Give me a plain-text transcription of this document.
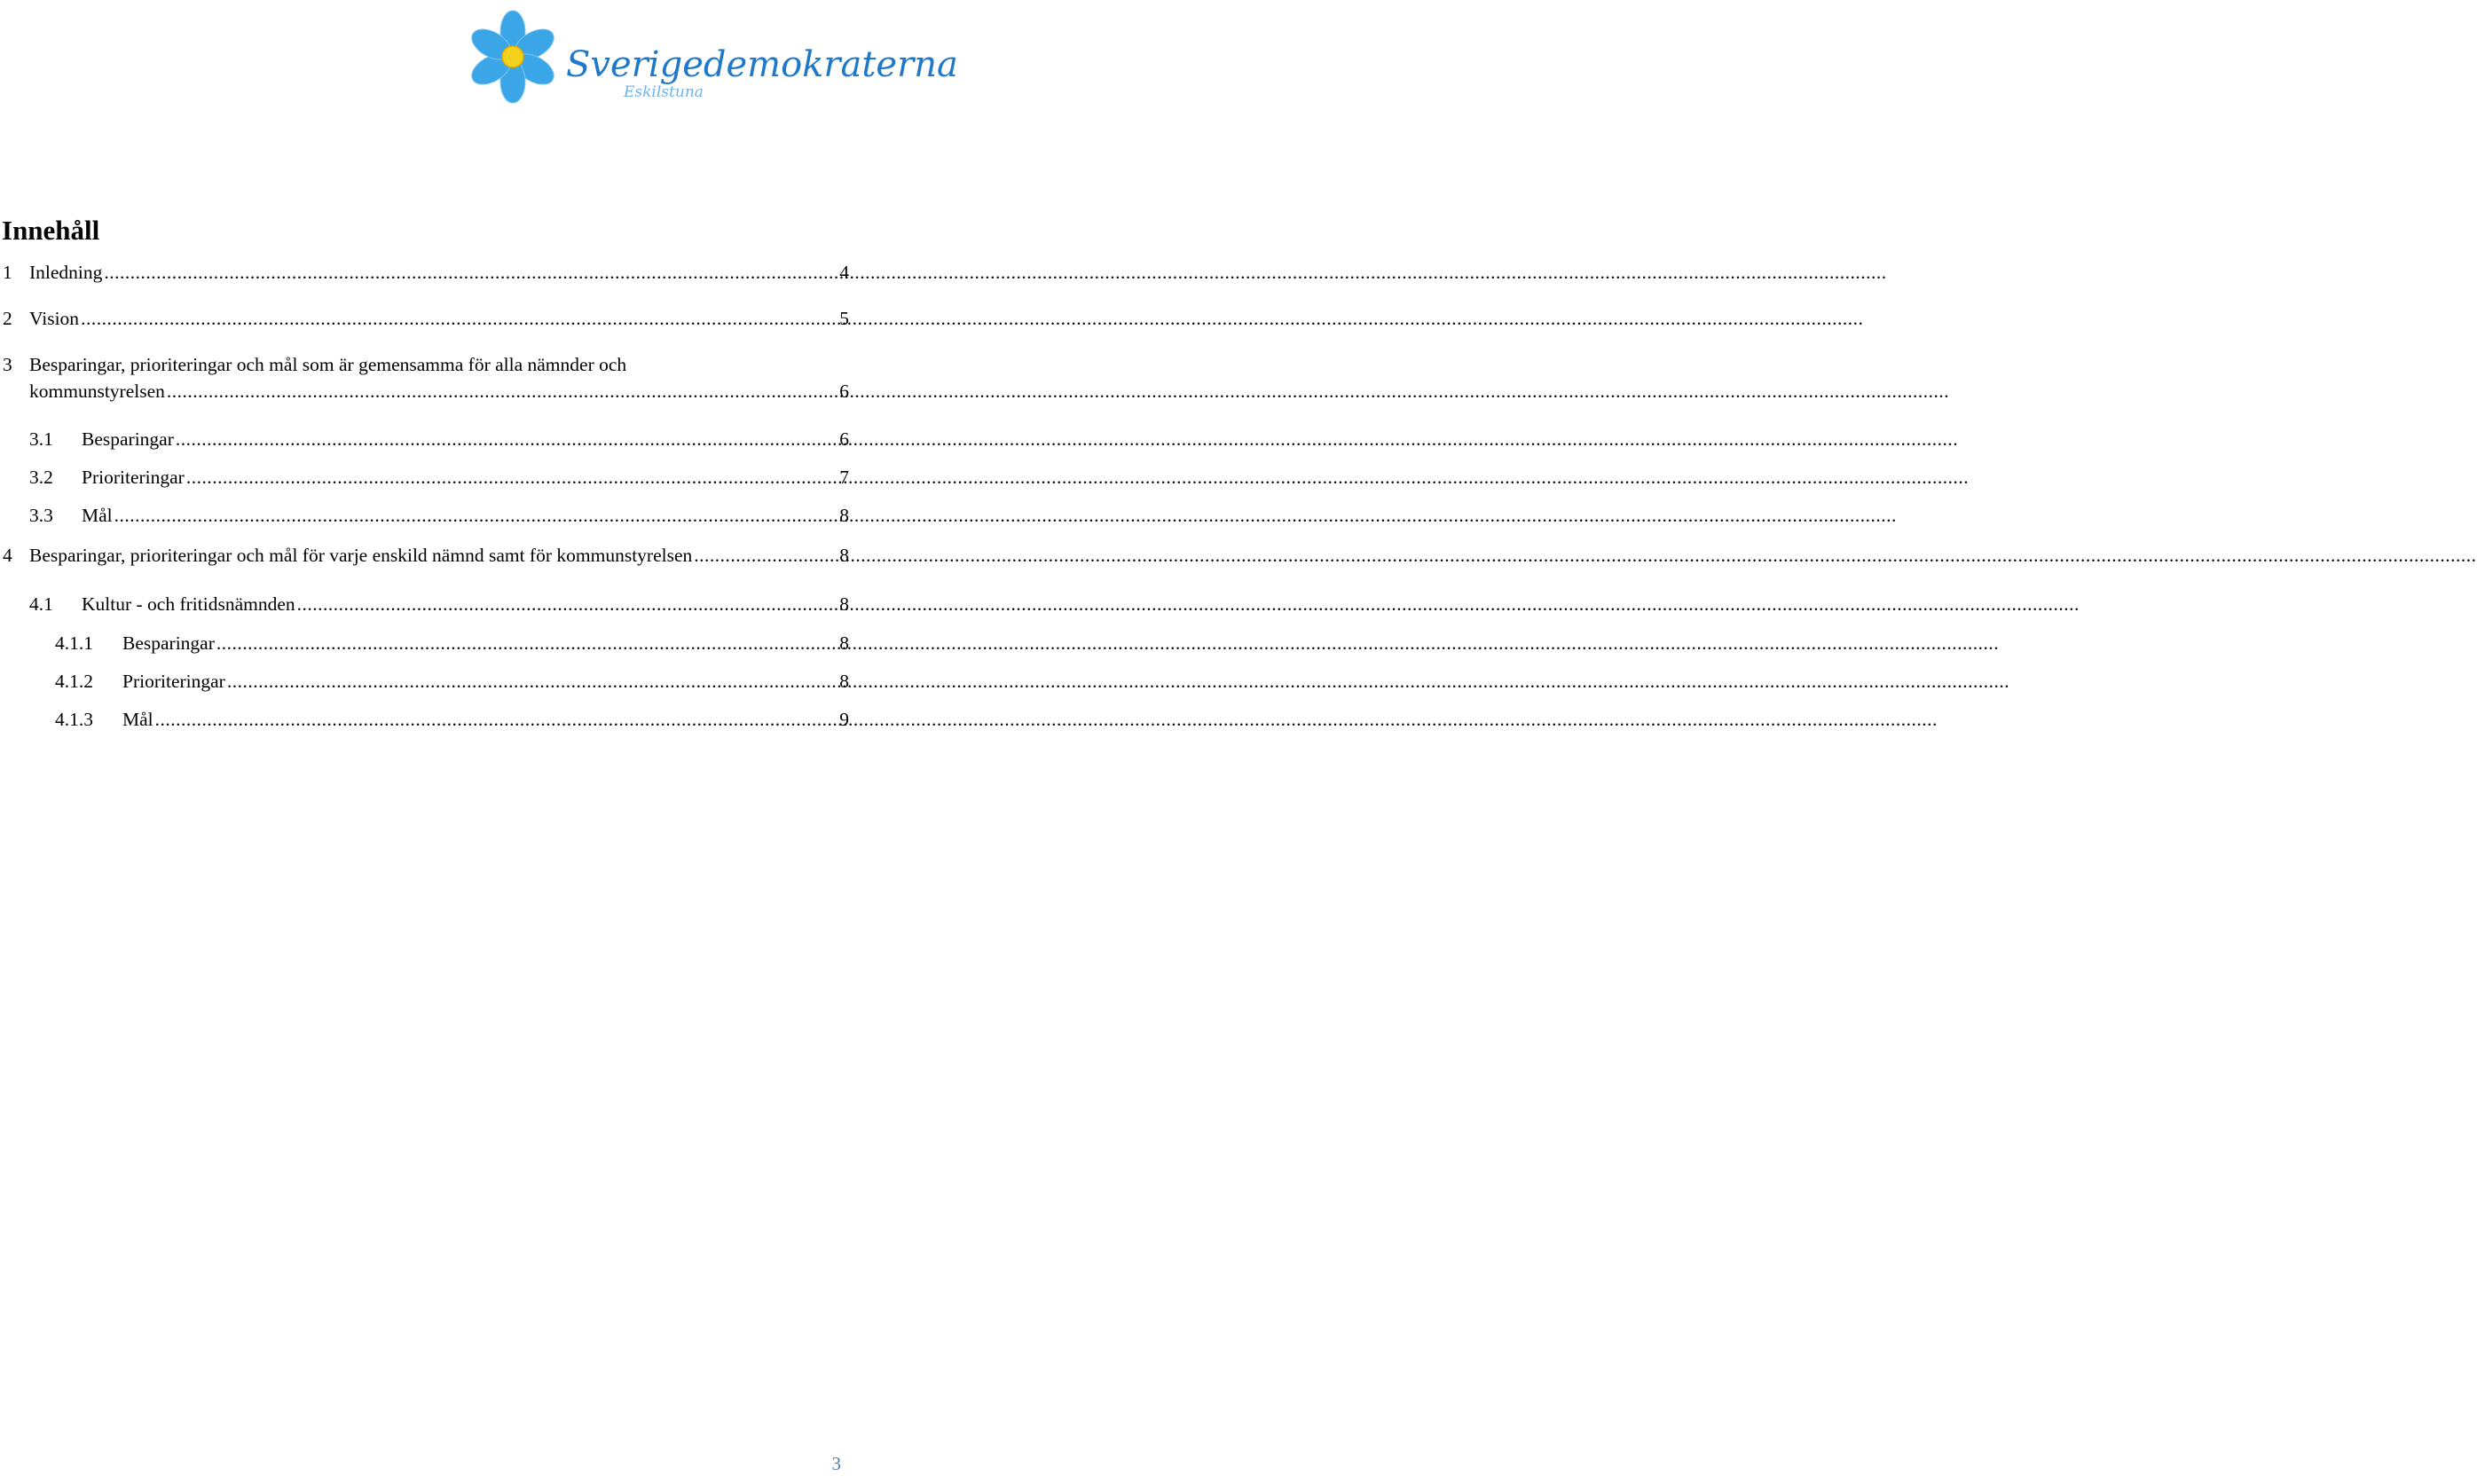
Sverigedemokraterna
Eskilstuna
Innehåll
1 Inledning .....	4
2 Vision .....	5
3 Besparingar, prioriteringar och mål som är gemensamma för alla nämnder och
kommunstyrelsen .....	6
3.1 Besparingar .....	6
3.2 Prioriteringar .....	7
3.3 Mål .....	8
4 Besparingar, prioriteringar och mål för varje enskild nämnd samt för kommunstyrelsen .....	8
4.1 Kultur - och fritidsnämnden .....	8
4.1.1 Besparingar .....	8
4.1.2 Prioriteringar .....	8
4.1.3 Mål .....	9
3
